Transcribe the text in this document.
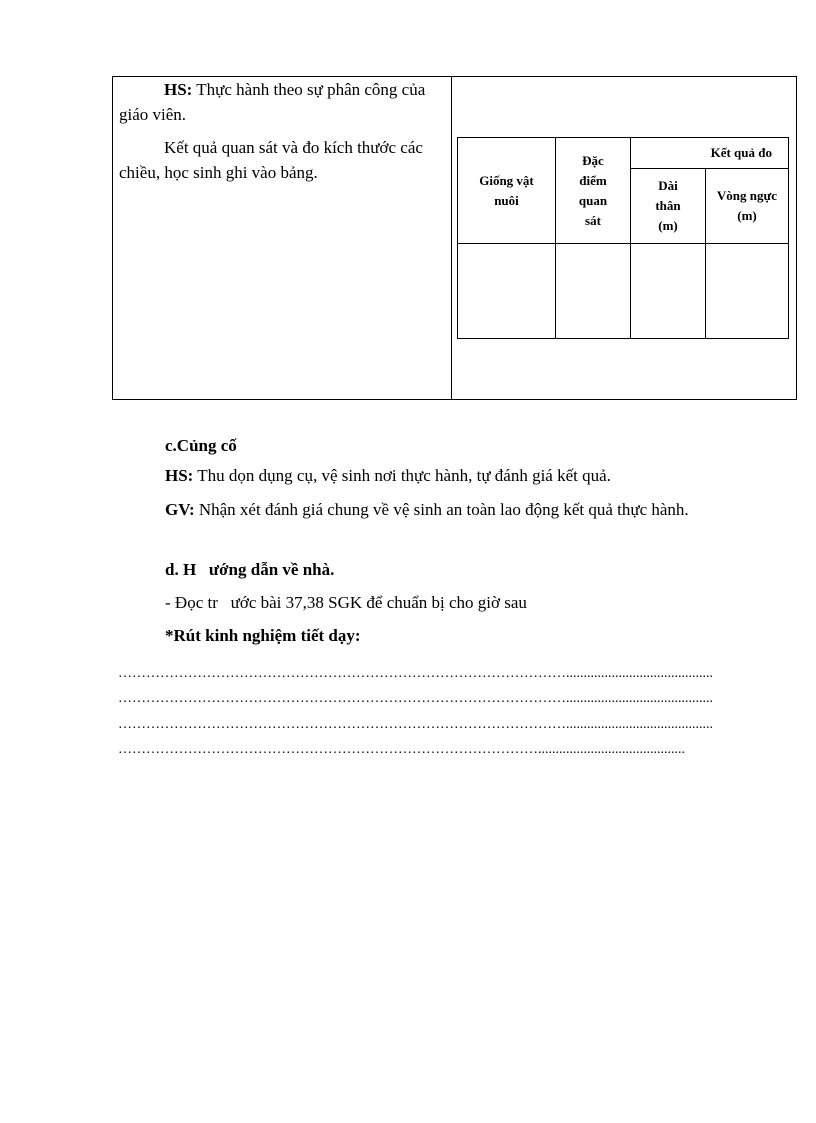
HS: Thực hành theo sự phân công của giáo viên.

Kết quả quan sát và đo kích thước các chiều, học sinh ghi vào bảng.	Giống vật nuôi
Đặc điểm quan sát
Kết quả đo
Dài thân (m)
Vòng ngực (m)
c.Củng cố
HS: Thu dọn dụng cụ, vệ sinh nơi thực hành, tự đánh giá kết quả.
GV: Nhận xét đánh giá chung về vệ sinh an toàn lao động kết quả thực hành.
d. H   ướng dẫn về nhà.
- Đọc tr   ước bài 37,38 SGK để chuẩn bị cho giờ sau
*Rút kinh nghiệm tiết dạy:
……………………………………………………………………………………..........................................
……………………………………………………………………………………..........................................
……………………………………………………………………………………..........................................
………………………………………………………………………………..........................................
